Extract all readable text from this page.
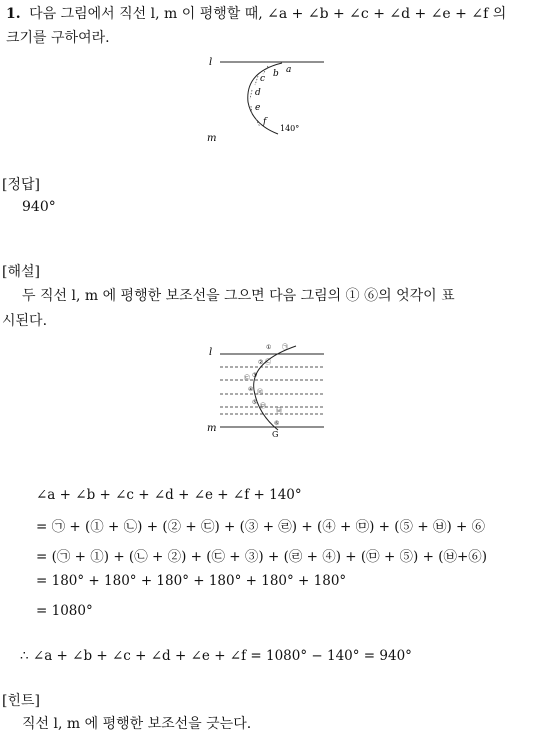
1. 다음 그림에서 직선 l, m 이 평행할 때, ∠a + ∠b + ∠c + ∠d + ∠e + ∠f 의
크기를 구하여라.
l
m
a
b
c
d
e
f
140°
[정답]
940°
[해설]
두 직선 l, m 에 평행한 보조선을 그으면 다음 그림의 ① ⑥의 엇각이 표
시된다.
l
m
G
①
②
③
④
⑤
⑥
㉠
㉡
㉢
㉣
㉤
㉥
∠a + ∠b + ∠c + ∠d + ∠e + ∠f + 140°
= ㉠ + (① + ㉡) + (② + ㉢) + (③ + ㉣) + (④ + ㉤) + (⑤ + ㉥) + ⑥
= (㉠ + ①) + (㉡ + ②) + (㉢ + ③) + (㉣ + ④) + (㉤ + ⑤) + (㉥+⑥)
= 180° + 180° + 180° + 180° + 180° + 180°
= 1080°
∴ ∠a + ∠b + ∠c + ∠d + ∠e + ∠f = 1080° − 140° = 940°
[힌트]
직선 l, m 에 평행한 보조선을 긋는다.
